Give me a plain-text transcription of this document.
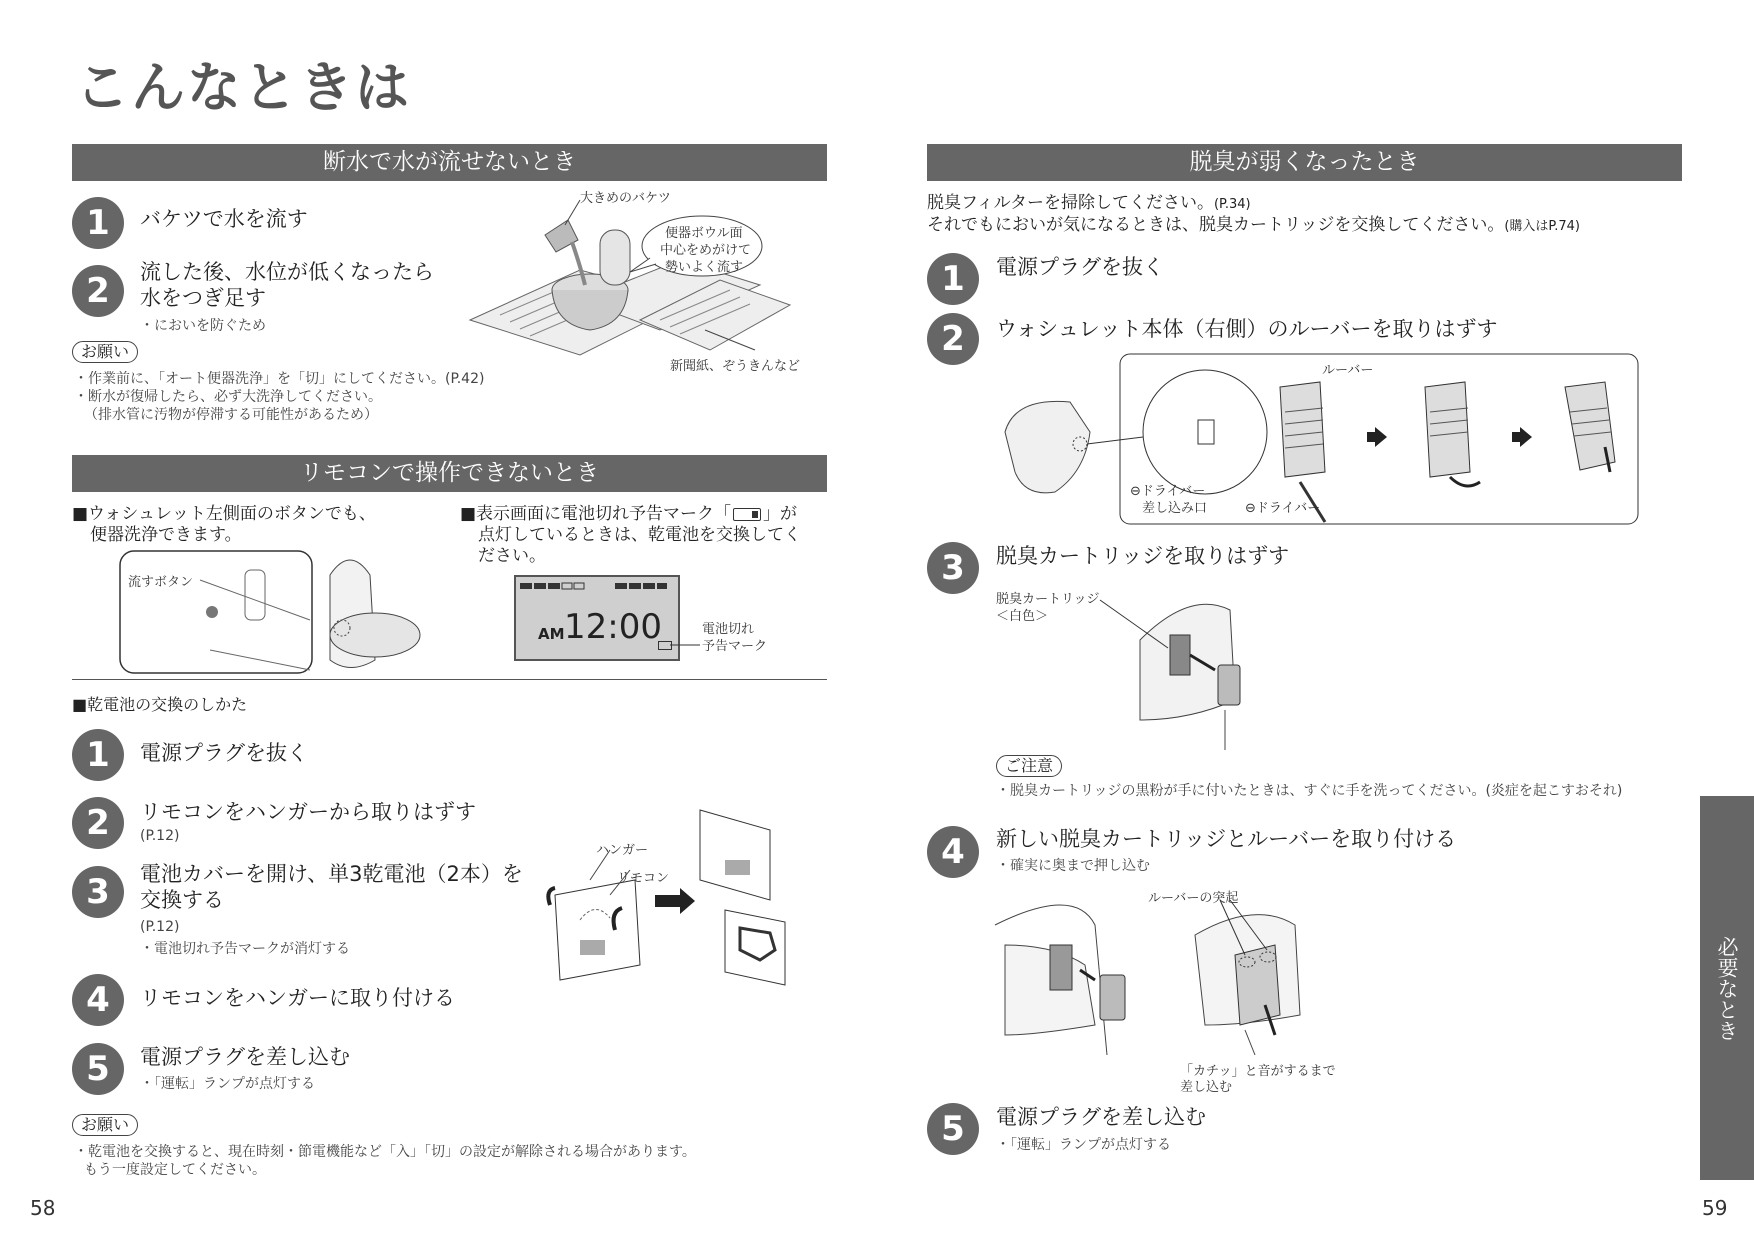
こんなときは
断水で水が流せないとき
1	バケツで水を流す
2	流した後、水位が低くなったら
水をつぎ足す
・においを防ぐため
お願い
・作業前に、「オート便器洗浄」を「切」にしてください。(P.42)
・断水が復帰したら、必ず大洗浄してください。
（排水管に汚物が停滞する可能性があるため）
大きめのバケツ
便器ボウル面
中心をめがけて
勢いよく流す
新聞紙、ぞうきんなど
リモコンで操作できないとき
■ウォシュレット左側面のボタンでも、
便器洗浄できます。
流すボタン
■表示画面に電池切れ予告マーク「 」が
点灯しているときは、乾電池を交換してく
ださい。
AM 12:00	電池切れ
予告マーク
■乾電池の交換のしかた
1	電源プラグを抜く
2	リモコンをハンガーから取りはずす
(P.12)
3	電池カバーを開け、単3乾電池（2本）を
交換する
(P.12)
・電池切れ予告マークが消灯する
4	リモコンをハンガーに取り付ける
5	電源プラグを差し込む
・「運転」ランプが点灯する
ハンガー
リモコン
お願い
・乾電池を交換すると、現在時刻・節電機能など「入」「切」の設定が解除される場合があります。
もう一度設定してください。
58
脱臭が弱くなったとき
脱臭フィルターを掃除してください。(P.34)
それでもにおいが気になるときは、脱臭カートリッジを交換してください。(購入はP.74)
1	電源プラグを抜く
2	ウォシュレット本体（右側）のルーバーを取りはずす
ルーバー
⊖ドライバー
差し込み口	⊖ドライバー
3	脱臭カートリッジを取りはずす
脱臭カートリッジ
＜白色＞
ご注意
・脱臭カートリッジの黒粉が手に付いたときは、すぐに手を洗ってください。(炎症を起こすおそれ)
4	新しい脱臭カートリッジとルーバーを取り付ける
・確実に奥まで押し込む
ルーバーの突起
「カチッ」と音がするまで
差し込む
5	電源プラグを差し込む
・「運転」ランプが点灯する
必要なとき
59
